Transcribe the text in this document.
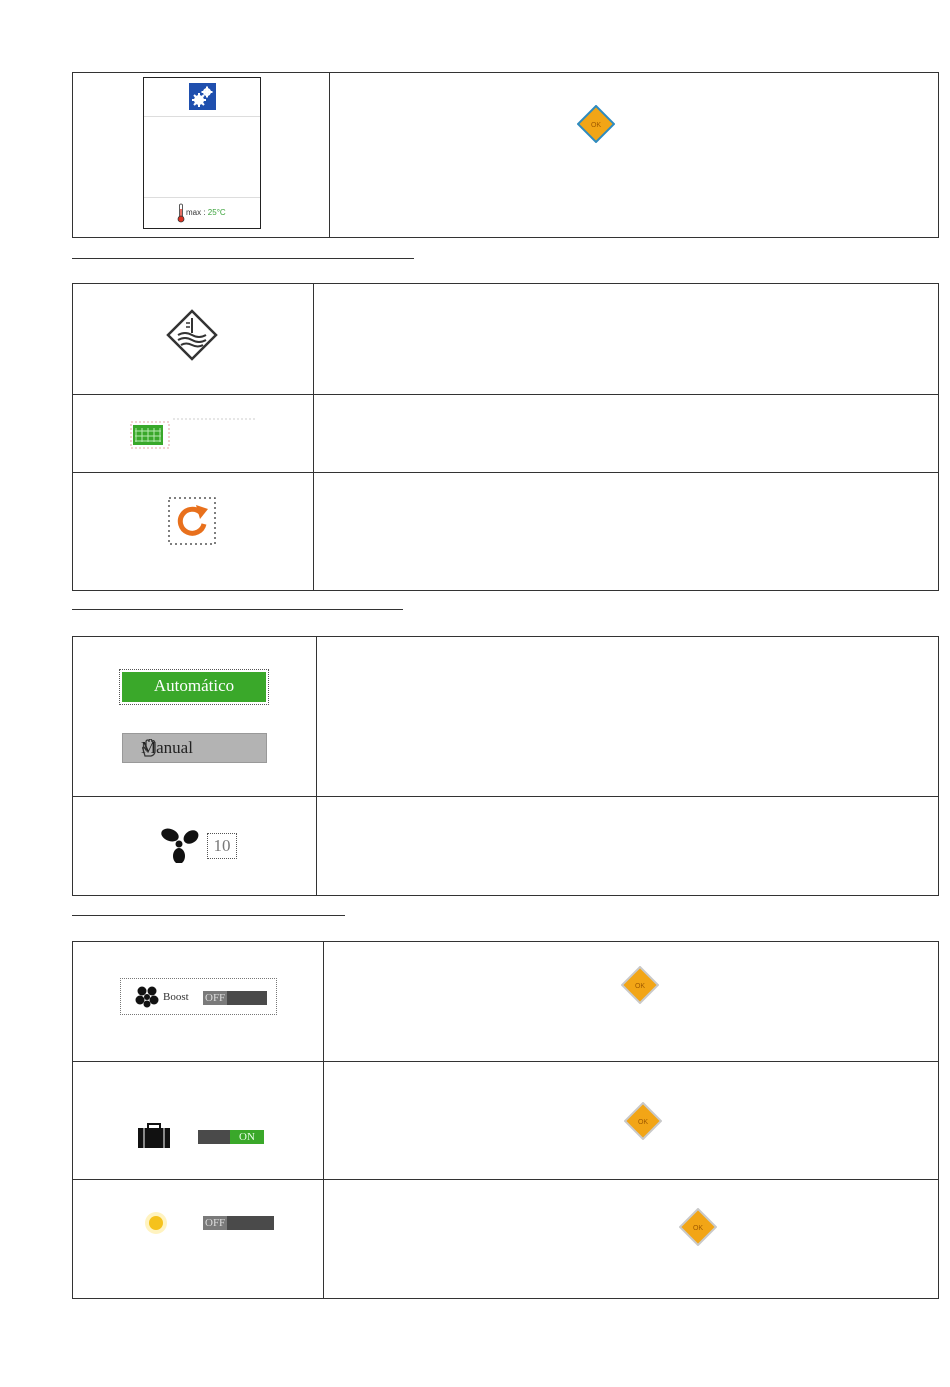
max : 25°C
OK
Automático
Manual
10
Boost OFF
OK
ON
OK
OFF	OK
